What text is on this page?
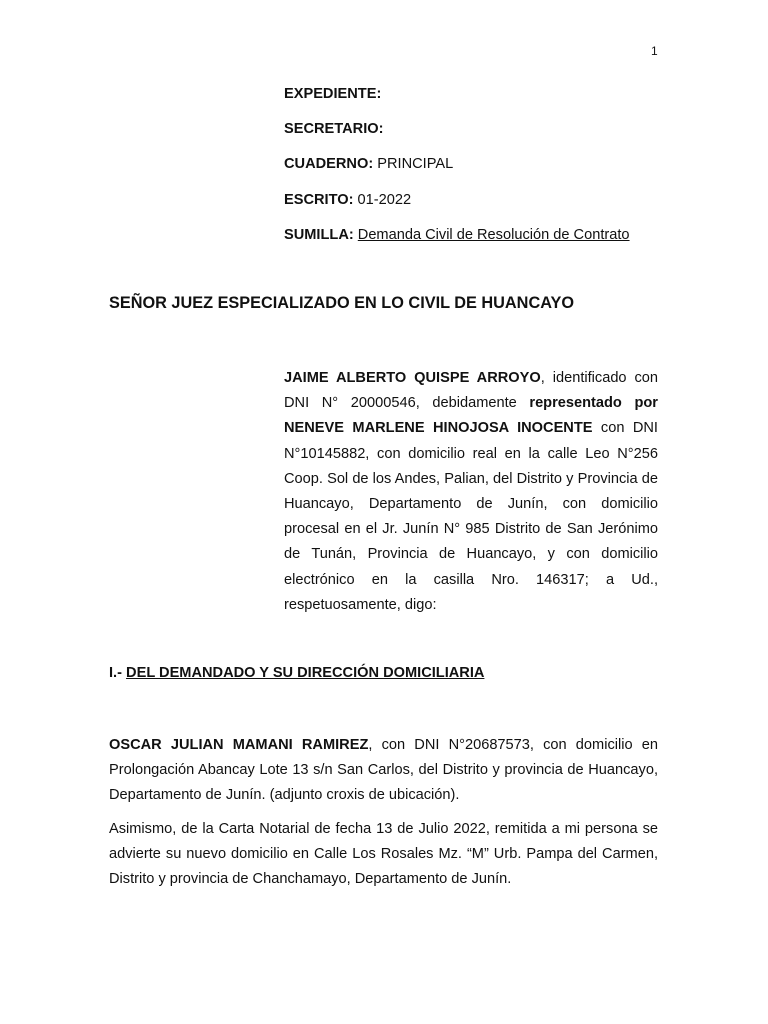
1
EXPEDIENTE:
SECRETARIO:
CUADERNO: PRINCIPAL
ESCRITO: 01-2022
SUMILLA: Demanda Civil de Resolución de Contrato
SEÑOR JUEZ ESPECIALIZADO EN LO CIVIL DE HUANCAYO
JAIME ALBERTO QUISPE ARROYO, identificado con DNI N° 20000546, debidamente representado por NENEVE MARLENE HINOJOSA INOCENTE con DNI N°10145882, con domicilio real en la calle Leo N°256 Coop. Sol de los Andes, Palian, del Distrito y Provincia de Huancayo, Departamento de Junín, con domicilio procesal en el Jr. Junín N° 985 Distrito de San Jerónimo de Tunán, Provincia de Huancayo, y con domicilio electrónico en la casilla Nro. 146317; a Ud., respetuosamente, digo:
I.- DEL DEMANDADO Y SU DIRECCIÓN DOMICILIARIA
OSCAR JULIAN MAMANI RAMIREZ, con DNI N°20687573, con domicilio en Prolongación Abancay Lote 13 s/n San Carlos, del Distrito y provincia de Huancayo, Departamento de Junín. (adjunto croxis de ubicación).
Asimismo, de la Carta Notarial de fecha 13 de Julio 2022, remitida a mi persona se advierte su nuevo domicilio en Calle Los Rosales Mz. “M” Urb. Pampa del Carmen, Distrito y provincia de Chanchamayo, Departamento de Junín.
